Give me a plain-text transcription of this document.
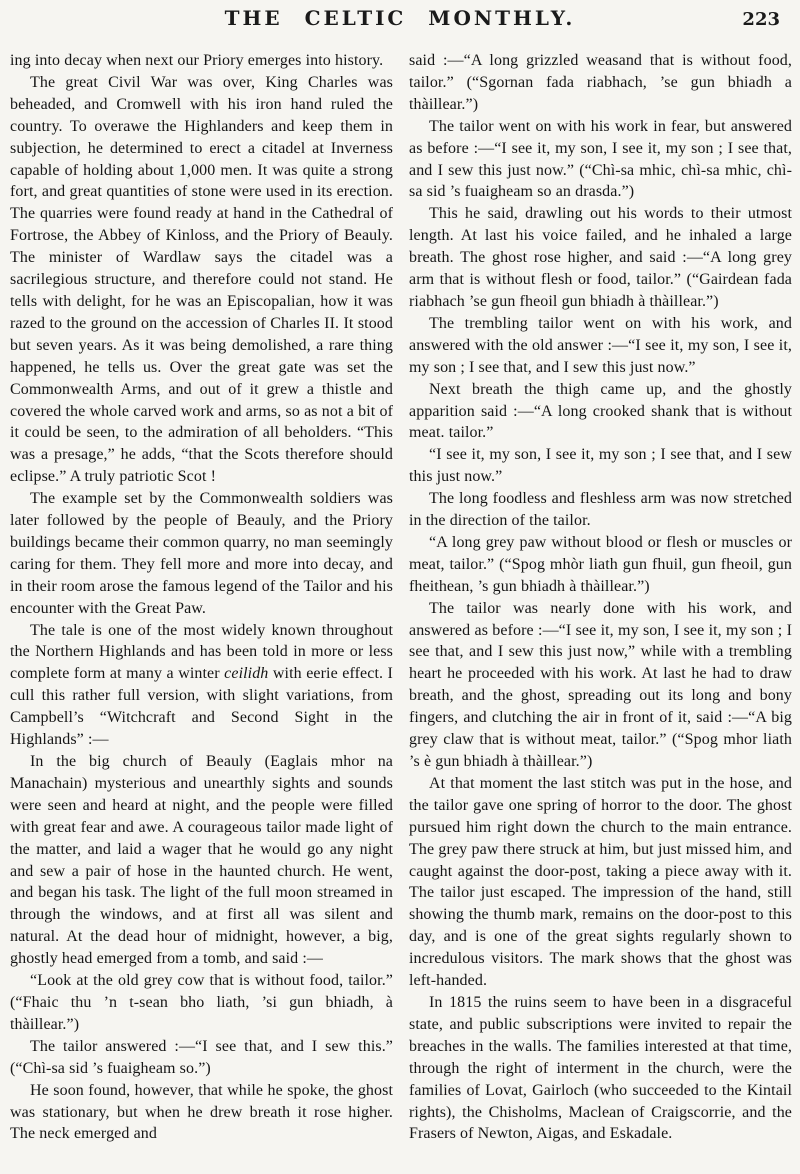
THE CELTIC MONTHLY.	223

ing into decay when next our Priory emerges into history.

The great Civil War was over, King Charles was beheaded, and Cromwell with his iron hand ruled the country. To overawe the Highlanders and keep them in subjection, he determined to erect a citadel at Inverness capable of holding about 1,000 men. It was quite a strong fort, and great quantities of stone were used in its erection. The quarries were found ready at hand in the Cathedral of Fortrose, the Abbey of Kinloss, and the Priory of Beauly. The minister of Wardlaw says the citadel was a sacrilegious structure, and therefore could not stand. He tells with delight, for he was an Episcopalian, how it was razed to the ground on the accession of Charles II. It stood but seven years. As it was being demolished, a rare thing happened, he tells us. Over the great gate was set the Commonwealth Arms, and out of it grew a thistle and covered the whole carved work and arms, so as not a bit of it could be seen, to the admiration of all beholders. “This was a presage,” he adds, “that the Scots therefore should eclipse.” A truly patriotic Scot !

The example set by the Commonwealth soldiers was later followed by the people of Beauly, and the Priory buildings became their common quarry, no man seemingly caring for them. They fell more and more into decay, and in their room arose the famous legend of the Tailor and his encounter with the Great Paw.

The tale is one of the most widely known throughout the Northern Highlands and has been told in more or less complete form at many a winter ceilidh with eerie effect. I cull this rather full version, with slight variations, from Campbell’s “Witchcraft and Second Sight in the Highlands” :—

In the big church of Beauly (Eaglais mhor na Manachain) mysterious and unearthly sights and sounds were seen and heard at night, and the people were filled with great fear and awe. A courageous tailor made light of the matter, and laid a wager that he would go any night and sew a pair of hose in the haunted church. He went, and began his task. The light of the full moon streamed in through the windows, and at first all was silent and natural. At the dead hour of midnight, however, a big, ghostly head emerged from a tomb, and said :—

“Look at the old grey cow that is without food, tailor.” (“Fhaic thu ’n t-sean bho liath, ’si gun bhiadh, à thàillear.”)

The tailor answered :—“I see that, and I sew this.” (“Chì-sa sid ’s fuaigheam so.”)

He soon found, however, that while he spoke, the ghost was stationary, but when he drew breath it rose higher. The neck emerged and

said :—“A long grizzled weasand that is without food, tailor.” (“Sgornan fada riabhach, ’se gun bhiadh a thàillear.”)

The tailor went on with his work in fear, but answered as before :—“I see it, my son, I see it, my son ; I see that, and I sew this just now.” (“Chì-sa mhic, chì-sa mhic, chì-sa sid ’s fuaigheam so an drasda.”)

This he said, drawling out his words to their utmost length. At last his voice failed, and he inhaled a large breath. The ghost rose higher, and said :—“A long grey arm that is without flesh or food, tailor.” (“Gairdean fada riabhach ’se gun fheoil gun bhiadh à thàillear.”)

The trembling tailor went on with his work, and answered with the old answer :—“I see it, my son, I see it, my son ; I see that, and I sew this just now.”

Next breath the thigh came up, and the ghostly apparition said :—“A long crooked shank that is without meat. tailor.”

“I see it, my son, I see it, my son ; I see that, and I sew this just now.”

The long foodless and fleshless arm was now stretched in the direction of the tailor.

“A long grey paw without blood or flesh or muscles or meat, tailor.” (“Spog mhòr liath gun fhuil, gun fheoil, gun fheithean, ’s gun bhiadh à thàillear.”)

The tailor was nearly done with his work, and answered as before :—“I see it, my son, I see it, my son ; I see that, and I sew this just now,” while with a trembling heart he proceeded with his work. At last he had to draw breath, and the ghost, spreading out its long and bony fingers, and clutching the air in front of it, said :—“A big grey claw that is without meat, tailor.” (“Spog mhor liath ’s è gun bhiadh à thàillear.”)

At that moment the last stitch was put in the hose, and the tailor gave one spring of horror to the door. The ghost pursued him right down the church to the main entrance. The grey paw there struck at him, but just missed him, and caught against the door-post, taking a piece away with it. The tailor just escaped. The impression of the hand, still showing the thumb mark, remains on the door-post to this day, and is one of the great sights regularly shown to incredulous visitors. The mark shows that the ghost was left-handed.

In 1815 the ruins seem to have been in a disgraceful state, and public subscriptions were invited to repair the breaches in the walls. The families interested at that time, through the right of interment in the church, were the families of Lovat, Gairloch (who succeeded to the Kintail rights), the Chisholms, Maclean of Craigscorrie, and the Frasers of Newton, Aigas, and Eskadale.
